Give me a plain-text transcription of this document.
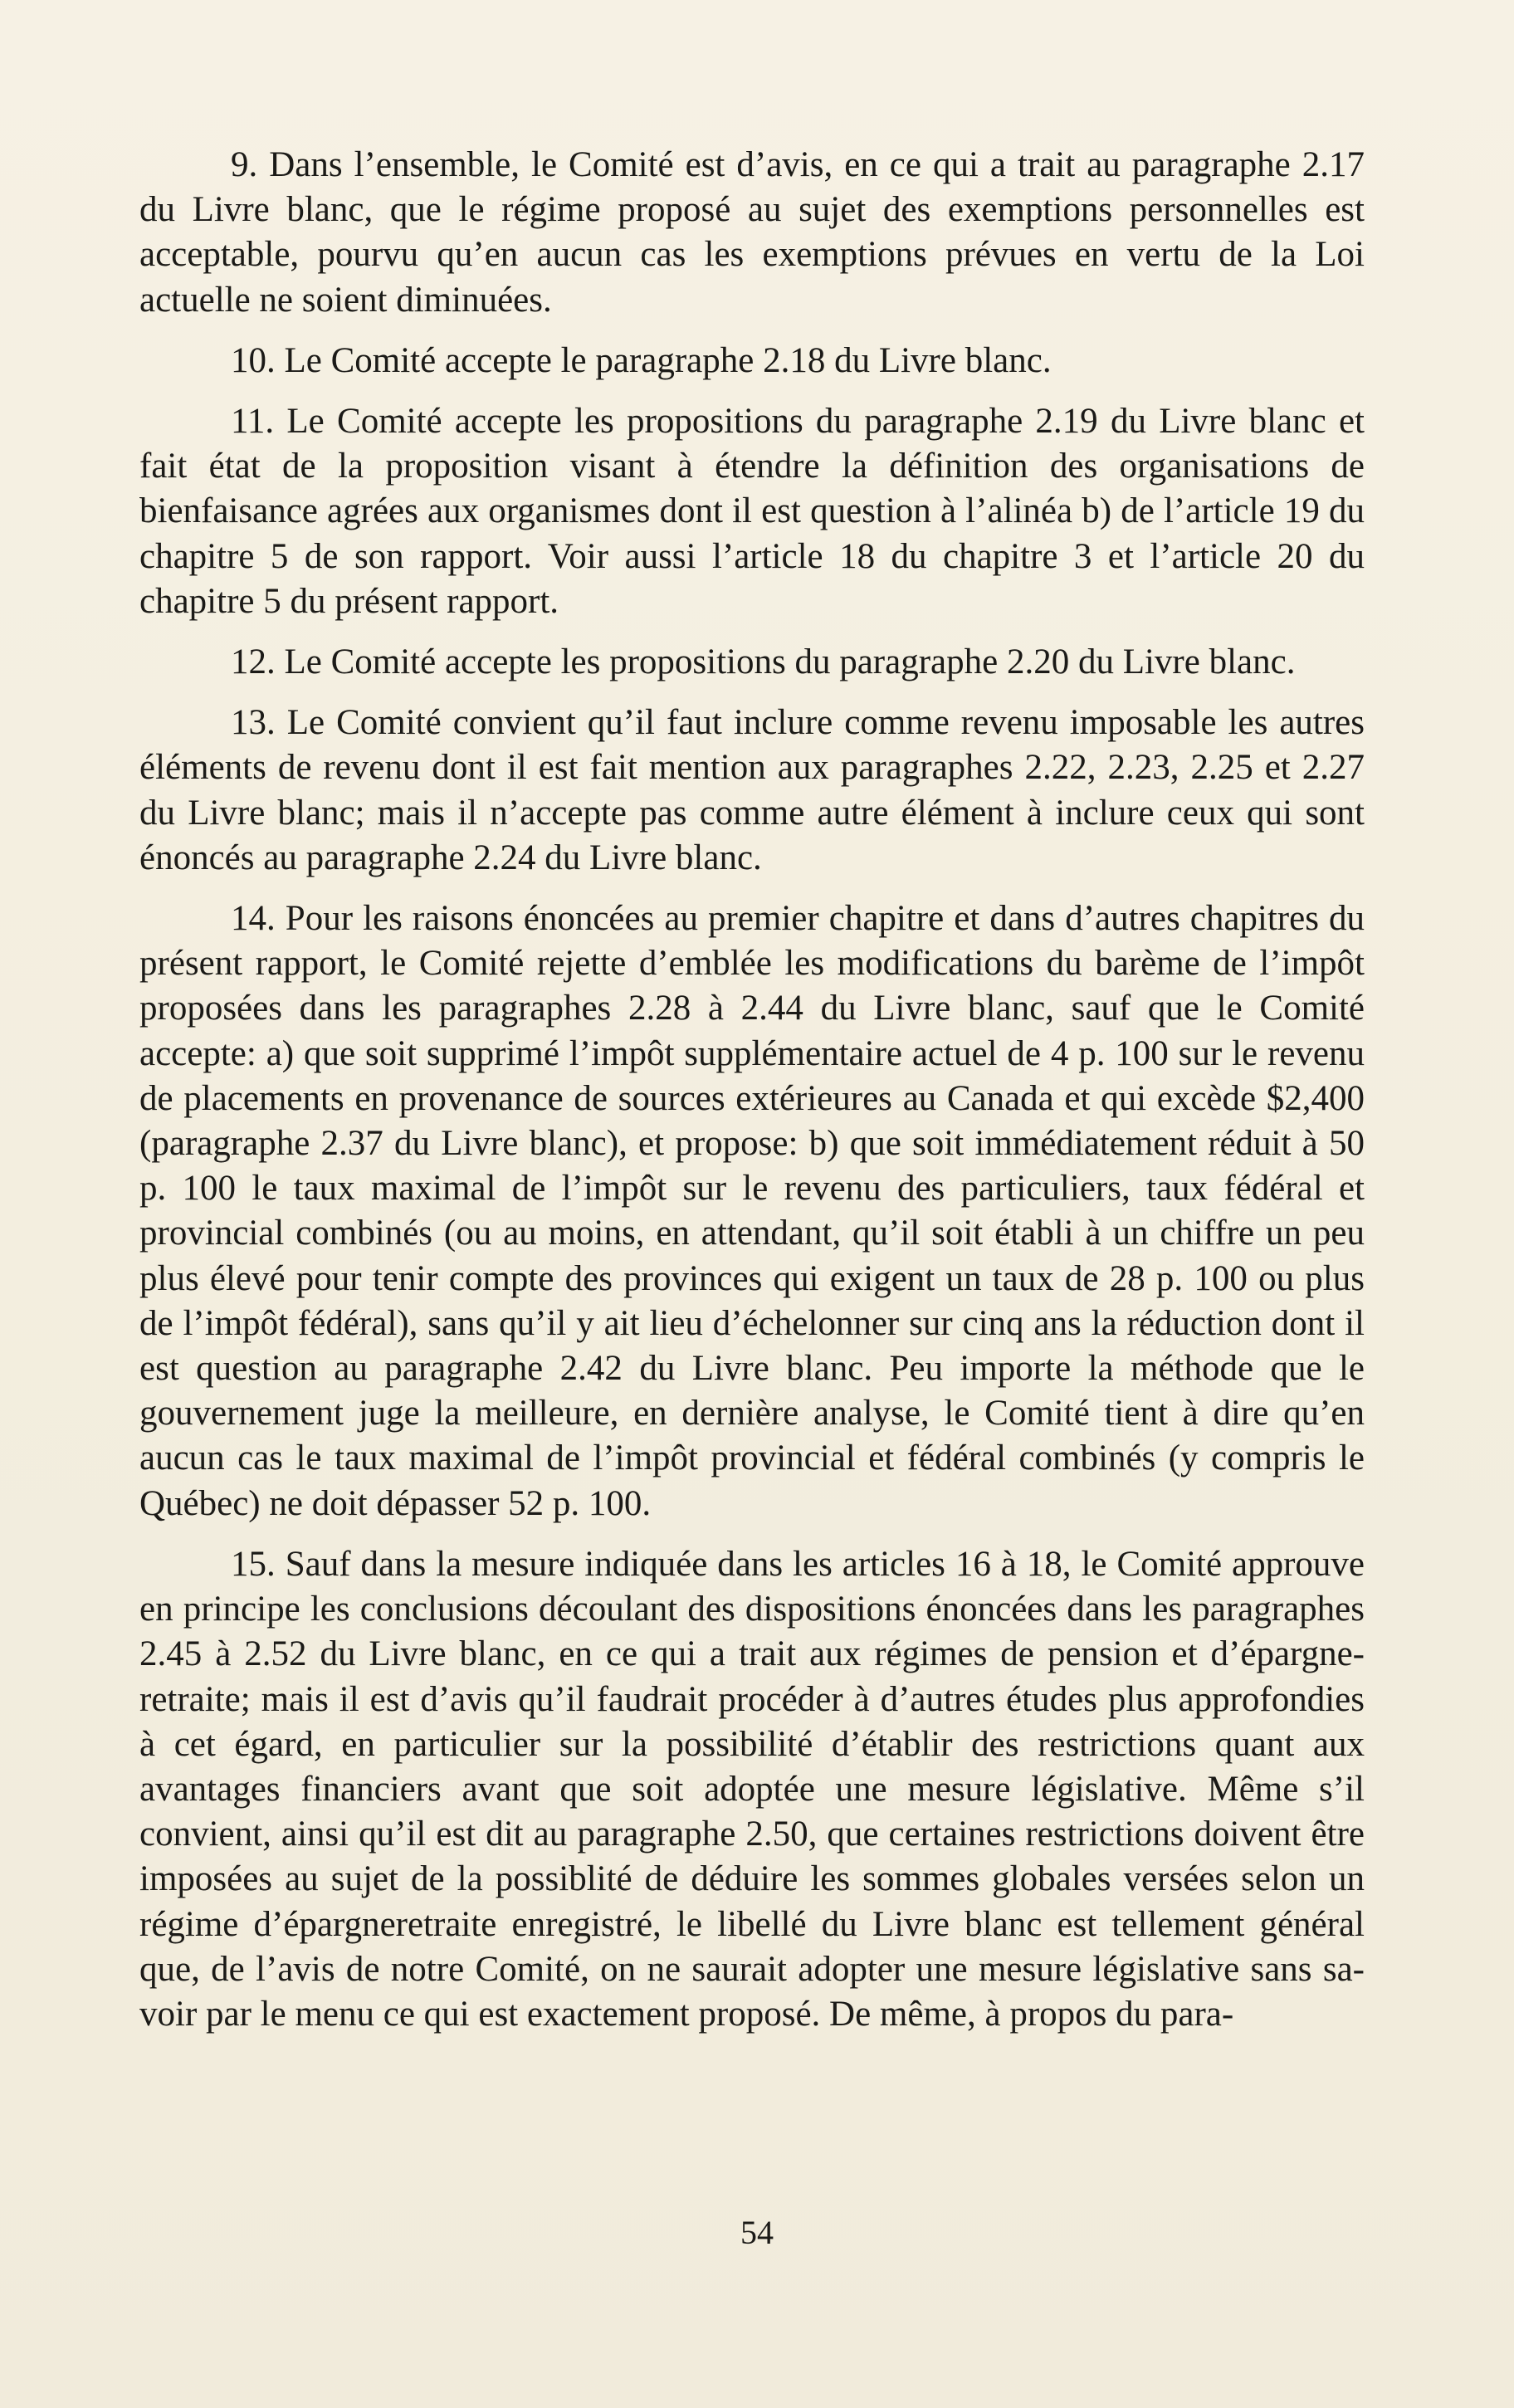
9. Dans l’ensemble, le Comité est d’avis, en ce qui a trait au paragraphe 2.17 du Livre blanc, que le régime proposé au sujet des exemptions personnelles est acceptable, pourvu qu’en aucun cas les exemptions prévues en vertu de la Loi actuelle ne soient diminuées.

10. Le Comité accepte le paragraphe 2.18 du Livre blanc.

11. Le Comité accepte les propositions du paragraphe 2.19 du Livre blanc et fait état de la proposition visant à étendre la définition des organisations de bienfaisance agrées aux organismes dont il est question à l’alinéa b) de l’article 19 du chapitre 5 de son rapport. Voir aussi l’article 18 du chapitre 3 et l’article 20 du chapitre 5 du présent rapport.

12. Le Comité accepte les propositions du paragraphe 2.20 du Livre blanc.

13. Le Comité convient qu’il faut inclure comme revenu imposable les autres éléments de revenu dont il est fait mention aux paragraphes 2.22, 2.23, 2.25 et 2.27 du Livre blanc; mais il n’accepte pas comme autre élément à inclure ceux qui sont énoncés au paragraphe 2.24 du Livre blanc.

14. Pour les raisons énoncées au premier chapitre et dans d’autres chapitres du présent rapport, le Comité rejette d’emblée les modifications du barème de l’impôt proposées dans les paragraphes 2.28 à 2.44 du Livre blanc, sauf que le Comité accepte: a) que soit supprimé l’impôt supplémentaire actuel de 4 p. 100 sur le revenu de placements en provenance de sources extérieures au Canada et qui excède $2,400 (paragraphe 2.37 du Livre blanc), et propose: b) que soit immédiatement réduit à 50 p. 100 le taux maximal de l’impôt sur le revenu des particuliers, taux fédéral et provincial combinés (ou au moins, en attendant, qu’il soit établi à un chiffre un peu plus élevé pour tenir compte des provinces qui exigent un taux de 28 p. 100 ou plus de l’impôt fédéral), sans qu’il y ait lieu d’échelonner sur cinq ans la réduction dont il est question au paragraphe 2.42 du Livre blanc. Peu importe la méthode que le gouvernement juge la meilleure, en dernière analyse, le Comité tient à dire qu’en aucun cas le taux maximal de l’impôt provincial et fédéral combinés (y compris le Québec) ne doit dépasser 52 p. 100.

15. Sauf dans la mesure indiquée dans les articles 16 à 18, le Comité approuve en principe les conclusions découlant des dispositions énoncées dans les paragraphes 2.45 à 2.52 du Livre blanc, en ce qui a trait aux régimes de pension et d’épargne-retraite; mais il est d’avis qu’il faudrait procéder à d’autres études plus approfondies à cet égard, en particulier sur la possibilité d’établir des restrictions quant aux avantages financiers avant que soit adoptée une mesure législative. Même s’il convient, ainsi qu’il est dit au paragraphe 2.50, que certaines restrictions doivent être imposées au sujet de la possiblité de déduire les sommes globales versées selon un régime d’épargneretraite enregistré, le libellé du Livre blanc est tellement général que, de l’avis de notre Comité, on ne saurait adopter une mesure législative sans savoir par le menu ce qui est exactement proposé. De même, à propos du para-

54
